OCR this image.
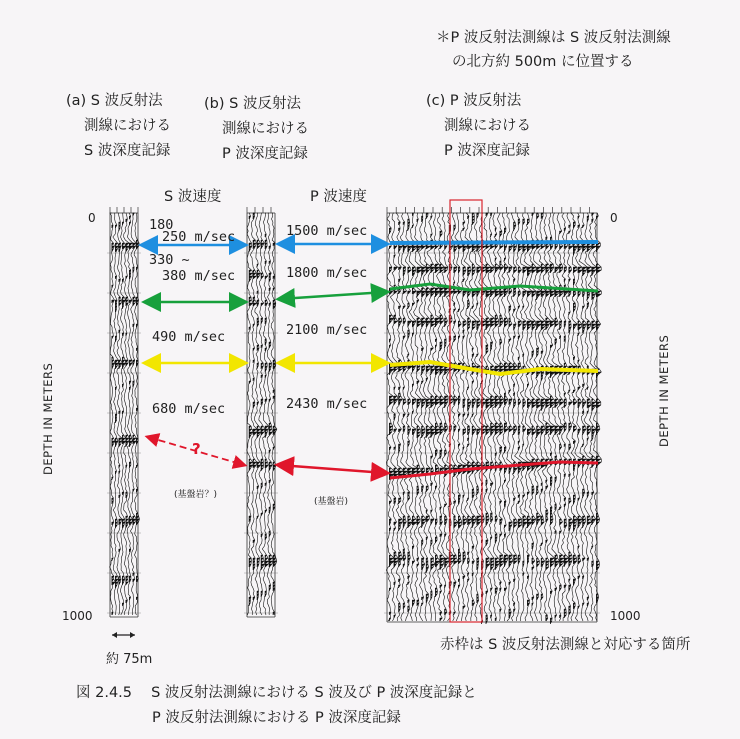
＊P 波反射法測線は S 波反射法測線
の北方約 500m に位置する
(a) S 波反射法
測線における
S 波深度記録
(b) S 波反射法
測線における
P 波深度記録
(c) P 波反射法
測線における
P 波深度記録
S 波速度	P 波速度
180
250 m/sec
330 ~
380 m/sec
490 m/sec
680 m/sec
1500 m/sec
1800 m/sec
2100 m/sec
2430 m/sec
?
(基盤岩？)
(基盤岩)
0
1000
0
1000
DEPTH IN METERS	DEPTH IN METERS
約 75m
赤枠は S 波反射法測線と対応する箇所
図 2.4.5　 S 波反射法測線における S 波及び P 波深度記録と
P 波反射法測線における P 波深度記録
